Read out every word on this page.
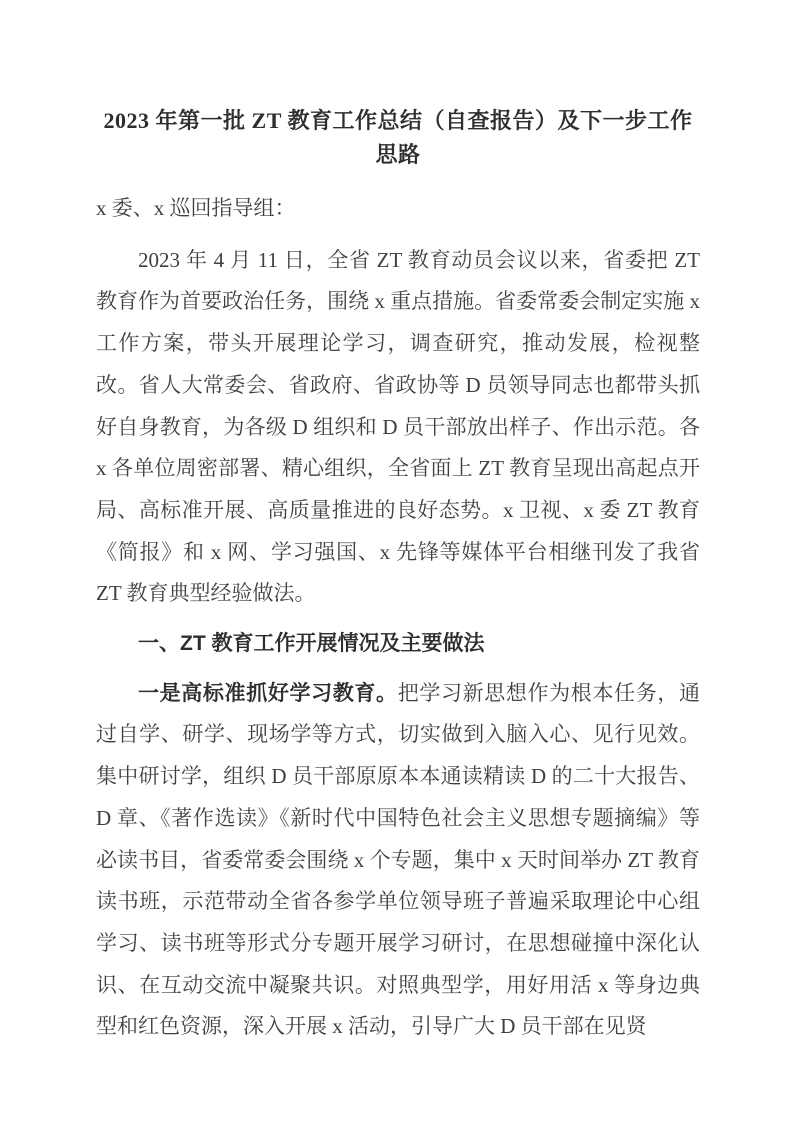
2023 年第一批 ZT 教育工作总结（自查报告）及下一步工作思路

x 委、x 巡回指导组：

2023 年 4 月 11 日，全省 ZT 教育动员会议以来，省委把 ZT 教育作为首要政治任务，围绕 x 重点措施。省委常委会制定实施 x 工作方案，带头开展理论学习，调查研究，推动发展，检视整改。省人大常委会、省政府、省政协等 D 员领导同志也都带头抓好自身教育，为各级 D 组织和 D 员干部放出样子、作出示范。各 x 各单位周密部署、精心组织，全省面上 ZT 教育呈现出高起点开局、高标准开展、高质量推进的良好态势。x 卫视、x 委 ZT 教育《简报》和 x 网、学习强国、x 先锋等媒体平台相继刊发了我省 ZT 教育典型经验做法。

一、ZT 教育工作开展情况及主要做法

一是高标准抓好学习教育。把学习新思想作为根本任务，通过自学、研学、现场学等方式，切实做到入脑入心、见行见效。集中研讨学，组织 D 员干部原原本本通读精读 D 的二十大报告、D 章、《著作选读》《新时代中国特色社会主义思想专题摘编》等必读书目，省委常委会围绕 x 个专题，集中 x 天时间举办 ZT 教育读书班，示范带动全省各参学单位领导班子普遍采取理论中心组学习、读书班等形式分专题开展学习研讨，在思想碰撞中深化认识、在互动交流中凝聚共识。对照典型学，用好用活 x 等身边典型和红色资源，深入开展 x 活动，引导广大 D 员干部在见贤
